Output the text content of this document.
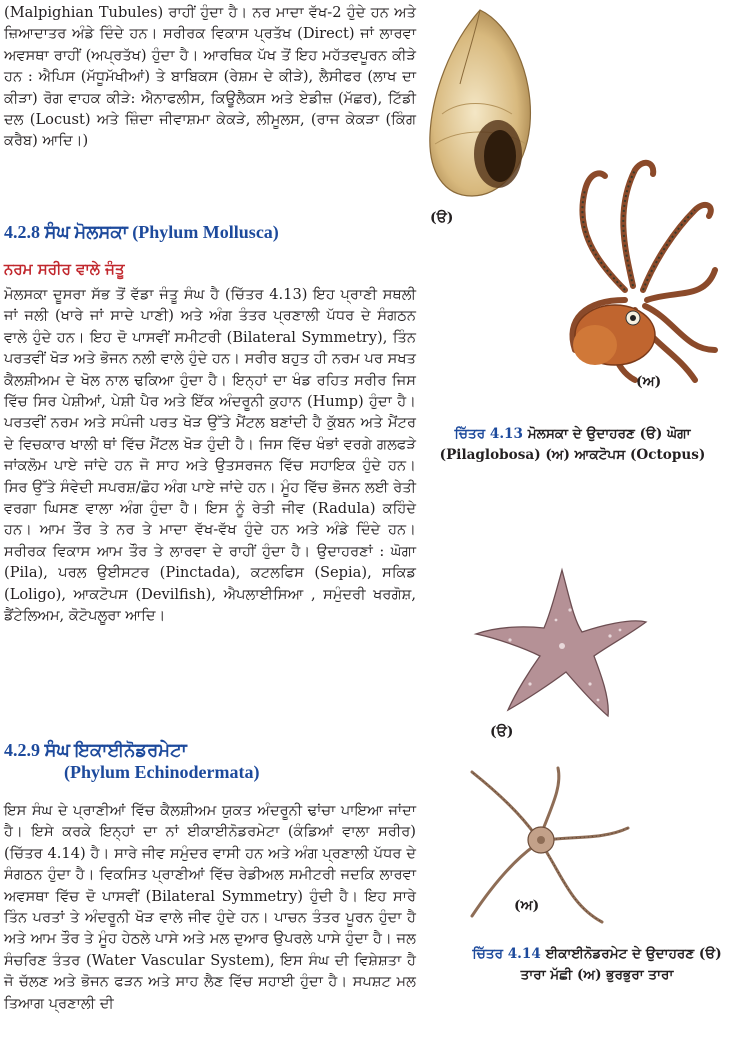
(Malpighian Tubules) ਰਾਹੀਂ ਹੁੰਦਾ ਹੈ। ਨਰ ਮਾਦਾ ਵੱਖ-2 ਹੁੰਦੇ ਹਨ ਅਤੇ ਜ਼ਿਆਦਾਤਰ ਅੰਡੇ ਦਿੰਦੇ ਹਨ। ਸਰੀਰਕ ਵਿਕਾਸ ਪ੍ਰਤੱਖ (Direct) ਜਾਂ ਲਾਰਵਾ ਅਵਸਥਾ ਰਾਹੀਂ (ਅਪ੍ਰਤੱਖ) ਹੁੰਦਾ ਹੈ। ਆਰਥਿਕ ਪੱਖ ਤੋਂ ਇਹ ਮਹੱਤਵਪੂਰਨ ਕੀੜੇ ਹਨ : ਐਪਿਸ (ਮੱਧੂਮੱਖੀਆਂ) ਤੇ ਬਾਬਿਕਸ (ਰੇਸ਼ਮ ਦੇ ਕੀੜੇ), ਲੈਸੀਫਰ (ਲਾਖ ਦਾ ਕੀੜਾ) ਰੋਗ ਵਾਹਕ ਕੀੜੇ: ਐਨਾਫਲੀਸ, ਕਿਊਲੈਕਸ ਅਤੇ ਏਡੀਜ਼ (ਮੱਛਰ), ਟਿੱਡੀ ਦਲ (Locust) ਅਤੇ ਜ਼ਿੰਦਾ ਜੀਵਾਸ਼ਮਾ ਕੇਕੜੇ, ਲੀਮੂਲਸ, (ਰਾਜ ਕੇਕੜਾ (ਕਿੰਗ ਕਰੈਬ) ਆਦਿ।)

4.2.8 ਸੰਘ ਮੋਲਸਕਾ (Phylum Mollusca)
ਨਰਮ ਸਰੀਰ ਵਾਲੇ ਜੰਤੂ

ਮੋਲਸਕਾ ਦੂਸਰਾ ਸੱਭ ਤੋਂ ਵੱਡਾ ਜੰਤੂ ਸੰਘ ਹੈ (ਚਿੱਤਰ 4.13) ਇਹ ਪ੍ਰਾਣੀ ਸਥਲੀ ਜਾਂ ਜਲੀ (ਖਾਰੇ ਜਾਂ ਸਾਦੇ ਪਾਣੀ) ਅਤੇ ਅੰਗ ਤੰਤਰ ਪ੍ਰਣਾਲੀ ਪੱਧਰ ਦੇ ਸੰਗਠਨ ਵਾਲੇ ਹੁੰਦੇ ਹਨ। ਇਹ ਦੋ ਪਾਸਵੀਂ ਸਮੀਟਰੀ (Bilateral Symmetry), ਤਿੰਨ ਪਰਤਵੀਂ ਖੋੜ ਅਤੇ ਭੋਜਨ ਨਲੀ ਵਾਲੇ ਹੁੰਦੇ ਹਨ। ਸਰੀਰ ਬਹੁਤ ਹੀ ਨਰਮ ਪਰ ਸਖਤ ਕੈਲਸ਼ੀਅਮ ਦੇ ਖੋਲ ਨਾਲ ਢਕਿਆ ਹੁੰਦਾ ਹੈ। ਇਨ੍ਹਾਂ ਦਾ ਖੰਡ ਰਹਿਤ ਸਰੀਰ ਜਿਸ ਵਿੱਚ ਸਿਰ ਪੇਸ਼ੀਆਂ, ਪੇਸ਼ੀ ਪੈਰ ਅਤੇ ਇੱਕ ਅੰਦਰੂਨੀ ਕੁਹਾਨ (Hump) ਹੁੰਦਾ ਹੈ। ਪਰਤਵੀਂ ਨਰਮ ਅਤੇ ਸਪੰਜੀ ਪਰਤ ਖੋੜ ਉੱਤੇ ਮੈਂਟਲ ਬਣਾਂਦੀ ਹੈ ਕੁੱਬਨ ਅਤੇ ਮੈਂਟਰ ਦੇ ਵਿਚਕਾਰ ਖਾਲੀ ਥਾਂ ਵਿੱਚ ਮੈਂਟਲ ਖੋੜ ਹੁੰਦੀ ਹੈ। ਜਿਸ ਵਿੱਚ ਖੰਭਾਂ ਵਰਗੇ ਗਲਫੜੇ ਜਾਂਕਲੋਮ ਪਾਏ ਜਾਂਦੇ ਹਨ ਜੋ ਸਾਹ ਅਤੇ ਉਤਸਰਜਨ ਵਿੱਚ ਸਹਾਇਕ ਹੁੰਦੇ ਹਨ। ਸਿਰ ਉੱਤੇ ਸੰਵੇਦੀ ਸਪਰਸ਼/ਛੋਹ ਅੰਗ ਪਾਏ ਜਾਂਦੇ ਹਨ। ਮੂੰਹ ਵਿੱਚ ਭੋਜਨ ਲਈ ਰੇਤੀ ਵਰਗਾ ਘਿਸਣ ਵਾਲਾ ਅੰਗ ਹੁੰਦਾ ਹੈ। ਇਸ ਨੂੰ ਰੇਤੀ ਜੀਵ (Radula) ਕਹਿੰਦੇ ਹਨ। ਆਮ ਤੌਰ ਤੇ ਨਰ ਤੇ ਮਾਦਾ ਵੱਖ-ਵੱਖ ਹੁੰਦੇ ਹਨ ਅਤੇ ਅੰਡੇ ਦਿੰਦੇ ਹਨ। ਸਰੀਰਕ ਵਿਕਾਸ ਆਮ ਤੌਰ ਤੇ ਲਾਰਵਾ ਦੇ ਰਾਹੀਂ ਹੁੰਦਾ ਹੈ। ਉਦਾਹਰਣਾਂ : ਘੋਗਾ (Pila), ਪਰਲ ਉਈਸਟਰ (Pinctada), ਕਟਲਫਿਸ (Sepia), ਸਕਿਡ (Loligo), ਆਕਟੋਪਸ (Devilfish), ਐਪਲਾਈਸਿਆ , ਸਮੁੰਦਰੀ ਖਰਗੋਸ਼, ਡੈਂਟੇਲਿਅਮ, ਕੋਟੋਪਲੂਰਾ ਆਦਿ।

4.2.9 ਸੰਘ ਇਕਾਈਨੋਡਰਮੇਟਾ
(Phylum Echinodermata)

ਇਸ ਸੰਘ ਦੇ ਪ੍ਰਾਣੀਆਂ ਵਿੱਚ ਕੈਲਸ਼ੀਅਮ ਯੁਕਤ ਅੰਦਰੂਨੀ ਢਾਂਚਾ ਪਾਇਆ ਜਾਂਦਾ ਹੈ। ਇਸੇ ਕਰਕੇ ਇਨ੍ਹਾਂ ਦਾ ਨਾਂ ਈਕਾਈਨੋਡਰਮੇਟਾ (ਕੰਡਿਆਂ ਵਾਲਾ ਸਰੀਰ) (ਚਿੱਤਰ 4.14) ਹੈ। ਸਾਰੇ ਜੀਵ ਸਮੁੰਦਰ ਵਾਸੀ ਹਨ ਅਤੇ ਅੰਗ ਪ੍ਰਣਾਲੀ ਪੱਧਰ ਦੇ ਸੰਗਠਨ ਹੁੰਦਾ ਹੈ। ਵਿਕਸਿਤ ਪ੍ਰਾਣੀਆਂ ਵਿੱਚ ਰੇਡੀਅਲ ਸਮੀਟਰੀ ਜਦਕਿ ਲਾਰਵਾ ਅਵਸਥਾ ਵਿੱਚ ਦੋ ਪਾਸਵੀਂ (Bilateral Symmetry) ਹੁੰਦੀ ਹੈ। ਇਹ ਸਾਰੇ ਤਿੰਨ ਪਰਤਾਂ ਤੇ ਅੰਦਰੂਨੀ ਖੋੜ ਵਾਲੇ ਜੀਵ ਹੁੰਦੇ ਹਨ। ਪਾਚਨ ਤੰਤਰ ਪੂਰਨ ਹੁੰਦਾ ਹੈ ਅਤੇ ਆਮ ਤੌਰ ਤੇ ਮੂੰਹ ਹੇਠਲੇ ਪਾਸੇ ਅਤੇ ਮਲ ਦੁਆਰ ਉਪਰਲੇ ਪਾਸੇ ਹੁੰਦਾ ਹੈ। ਜਲ ਸੰਚਰਿਣ ਤੰਤਰ (Water Vascular System), ਇਸ ਸੰਘ ਦੀ ਵਿਸ਼ੇਸ਼ਤਾ ਹੈ ਜੋ ਚੱਲਣ ਅਤੇ ਭੋਜਨ ਫੜਨ ਅਤੇ ਸਾਹ ਲੈਣ ਵਿੱਚ ਸਹਾਈ ਹੁੰਦਾ ਹੈ। ਸਪਸ਼ਟ ਮਲ ਤਿਆਗ ਪ੍ਰਣਾਲੀ ਦੀ

(ੳ)
(ਅ)
ਚਿੱਤਰ 4.13 ਮੋਲਸਕਾ ਦੇ ਉਦਾਹਰਣ (ੳ) ਘੋਗਾ (Pilaglobosa) (ਅ) ਆਕਟੋਪਸ (Octopus)
(ੳ)
(ਅ)
ਚਿੱਤਰ 4.14 ਈਕਾਈਨੋਡਰਮੇਟ ਦੇ ਉਦਾਹਰਣ (ੳ) ਤਾਰਾ ਮੱਛੀ (ਅ) ਭੁਰਭੁਰਾ ਤਾਰਾ
